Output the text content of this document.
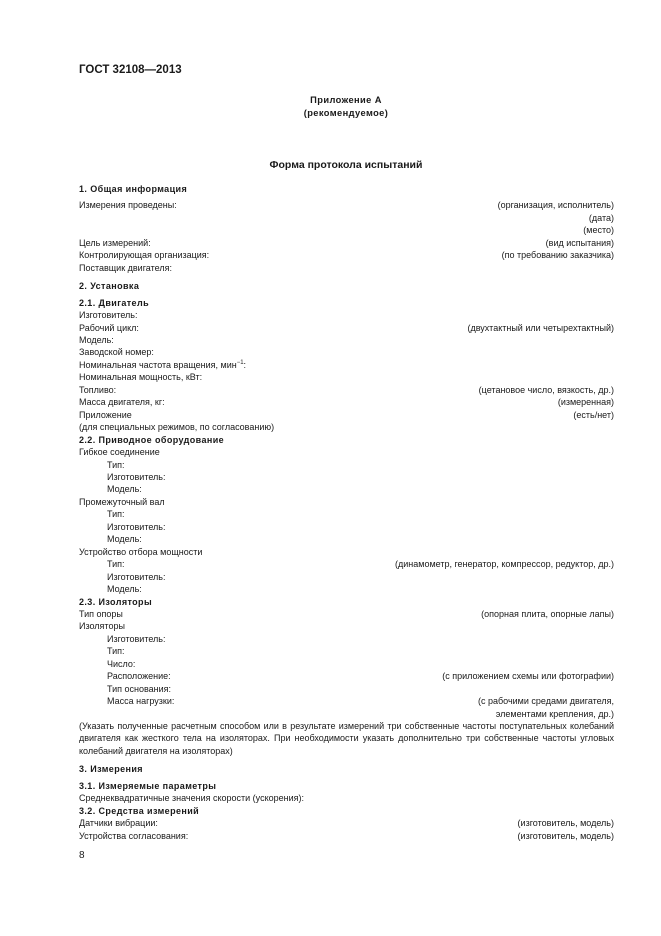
ГОСТ 32108—2013
Приложение А
(рекомендуемое)
Форма протокола испытаний
1. Общая информация
Измерения проведены:	(организация, исполнитель)
(дата)
(место)
Цель измерений:	(вид испытания)
Контролирующая организация:	(по требованию заказчика)
Поставщик двигателя:
2. Установка
2.1. Двигатель
Изготовитель:
Рабочий цикл:	(двухтактный или четырехтактный)
Модель:
Заводской номер:
Номинальная частота вращения, мин$^{-1}$:
Номинальная мощность, кВт:
Топливо:	(цетановое число, вязкость, др.)
Масса двигателя, кг:	(измеренная)
Приложение	(есть/нет)
(для специальных режимов, по согласованию)
2.2. Приводное оборудование
Гибкое соединение
Тип:
Изготовитель:
Модель:
Промежуточный вал
Тип:
Изготовитель:
Модель:
Устройство отбора мощности
Тип:	(динамометр, генератор, компрессор, редуктор, др.)
Изготовитель:
Модель:
2.3. Изоляторы
Тип опоры	(опорная плита, опорные лапы)
Изоляторы
Изготовитель:
Тип:
Число:
Расположение:	(с приложением схемы или фотографии)
Тип основания:
Масса нагрузки:	(с рабочими средами двигателя,
элементами крепления, др.)
(Указать полученные расчетным способом или в результате измерений три собственные частоты поступательных колебаний двигателя как жесткого тела на изоляторах. При необходимости указать дополнительно три собственные частоты угловых колебаний двигателя на изоляторах)
3. Измерения
3.1. Измеряемые параметры
Среднеквадратичные значения скорости (ускорения):
3.2. Средства измерений
Датчики вибрации:	(изготовитель, модель)
Устройства согласования:	(изготовитель, модель)
8
